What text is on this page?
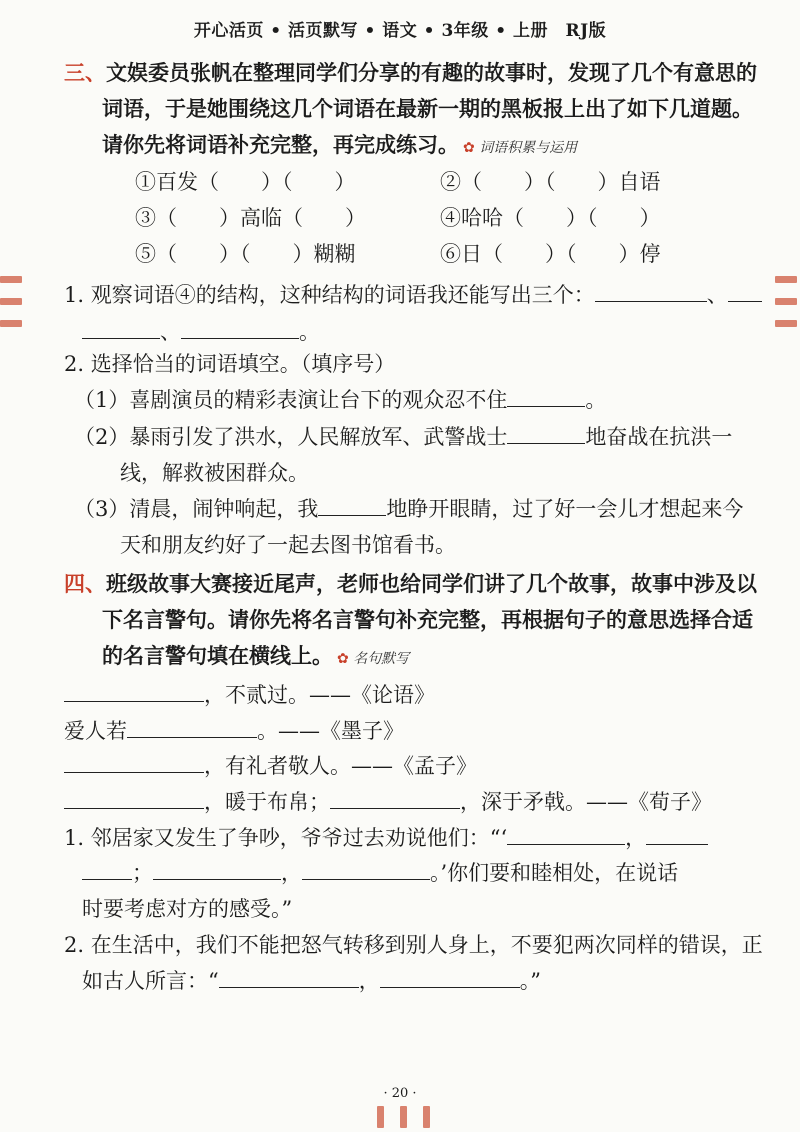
开心活页 • 活页默写 • 语文 • 3年级 • 上册　RJ版
三、文娱委员张帆在整理同学们分享的有趣的故事时，发现了几个有意思的
词语，于是她围绕这几个词语在最新一期的黑板报上出了如下几道题。
请你先将词语补充完整，再完成练习。 ✿ 词语积累与运用
①百发（　　）（　　）	②（　　）（　　）自语
③（　　）高临（　　）	④哈哈（　　）（　　）
⑤（　　）（　　）糊糊	⑥日（　　）（　　）停
1. 观察词语④的结构，这种结构的词语我还能写出三个：	、
、	。
2. 选择恰当的词语填空。（填序号）
（1）喜剧演员的精彩表演让台下的观众忍不住	。
（2）暴雨引发了洪水，人民解放军、武警战士	地奋战在抗洪一
线，解救被困群众。
（3）清晨，闹钟响起，我	地睁开眼睛，过了好一会儿才想起来今
天和朋友约好了一起去图书馆看书。
四、班级故事大赛接近尾声，老师也给同学们讲了几个故事，故事中涉及以
下名言警句。请你先将名言警句补充完整，再根据句子的意思选择合适
的名言警句填在横线上。 ✿ 名句默写
，不贰过。——《论语》
爱人若	。——《墨子》
，有礼者敬人。——《孟子》
，暖于布帛；	，深于矛戟。——《荀子》
1. 邻居家又发生了争吵，爷爷过去劝说他们：“‘	，
；	，	。’你们要和睦相处，在说话
时要考虑对方的感受。”
2. 在生活中，我们不能把怒气转移到别人身上，不要犯两次同样的错误，正
如古人所言：“	，	。”
· 20 ·
